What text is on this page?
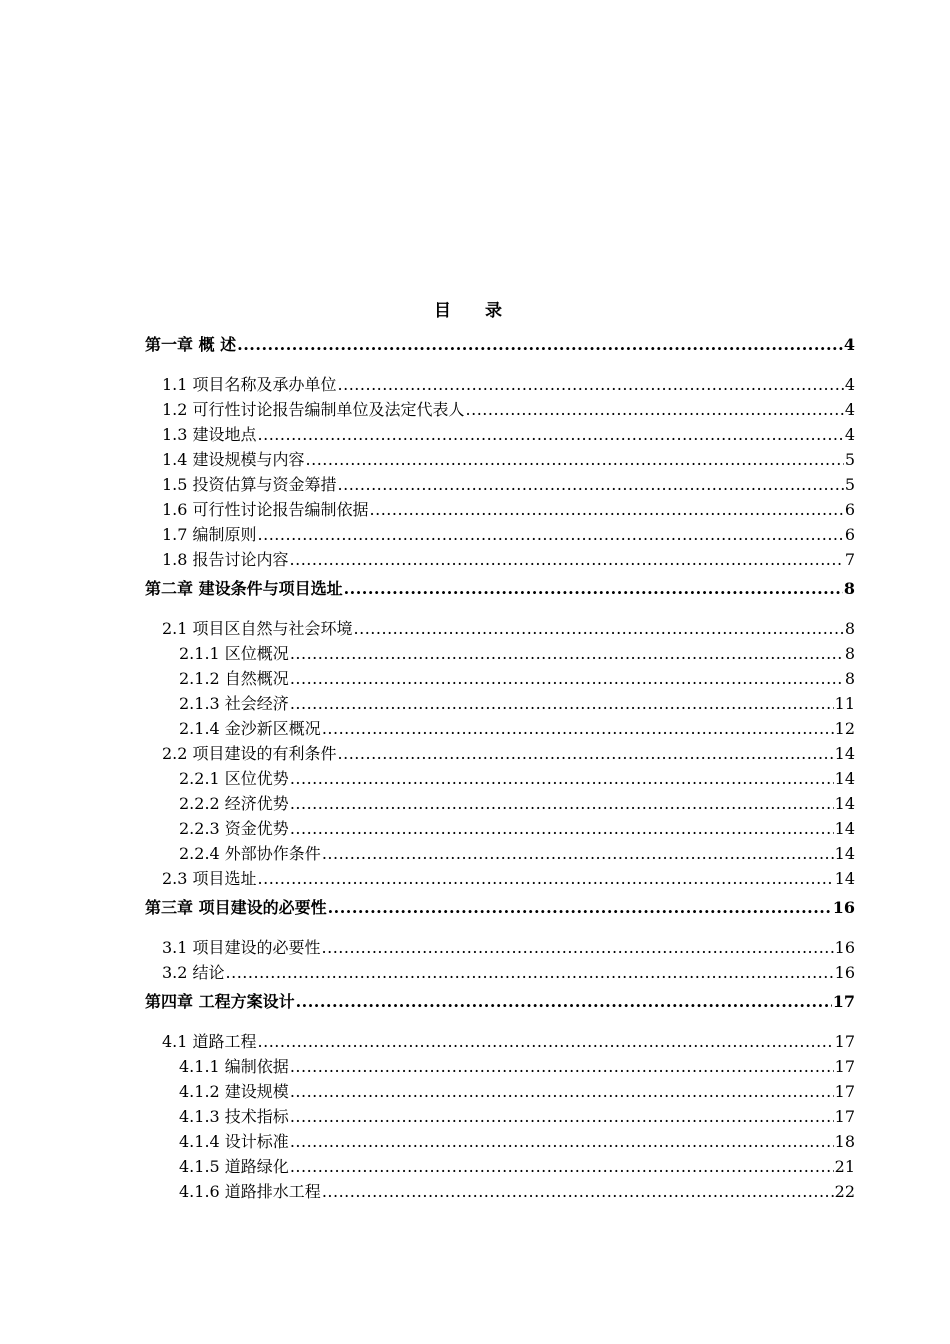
目 录
第一章 概 述 .....	4
1.1 项目名称及承办单位 .....	4
1.2 可行性讨论报告编制单位及法定代表人 .....	4
1.3 建设地点 .....	4
1.4 建设规模与内容 .....	5
1.5 投资估算与资金筹措 .....	5
1.6 可行性讨论报告编制依据 .....	6
1.7 编制原则 .....	6
1.8 报告讨论内容 .....	7
第二章 建设条件与项目选址 .....	8
2.1 项目区自然与社会环境 .....	8
2.1.1 区位概况 .....	8
2.1.2 自然概况 .....	8
2.1.3 社会经济 .....	11
2.1.4 金沙新区概况 .....	12
2.2 项目建设的有利条件 .....	14
2.2.1 区位优势 .....	14
2.2.2 经济优势 .....	14
2.2.3 资金优势 .....	14
2.2.4 外部协作条件 .....	14
2.3 项目选址 .....	14
第三章 项目建设的必要性 .....	16
3.1 项目建设的必要性 .....	16
3.2 结论 .....	16
第四章 工程方案设计 .....	17
4.1 道路工程 .....	17
4.1.1 编制依据 .....	17
4.1.2 建设规模 .....	17
4.1.3 技术指标 .....	17
4.1.4 设计标准 .....	18
4.1.5 道路绿化 .....	21
4.1.6 道路排水工程 .....	22
